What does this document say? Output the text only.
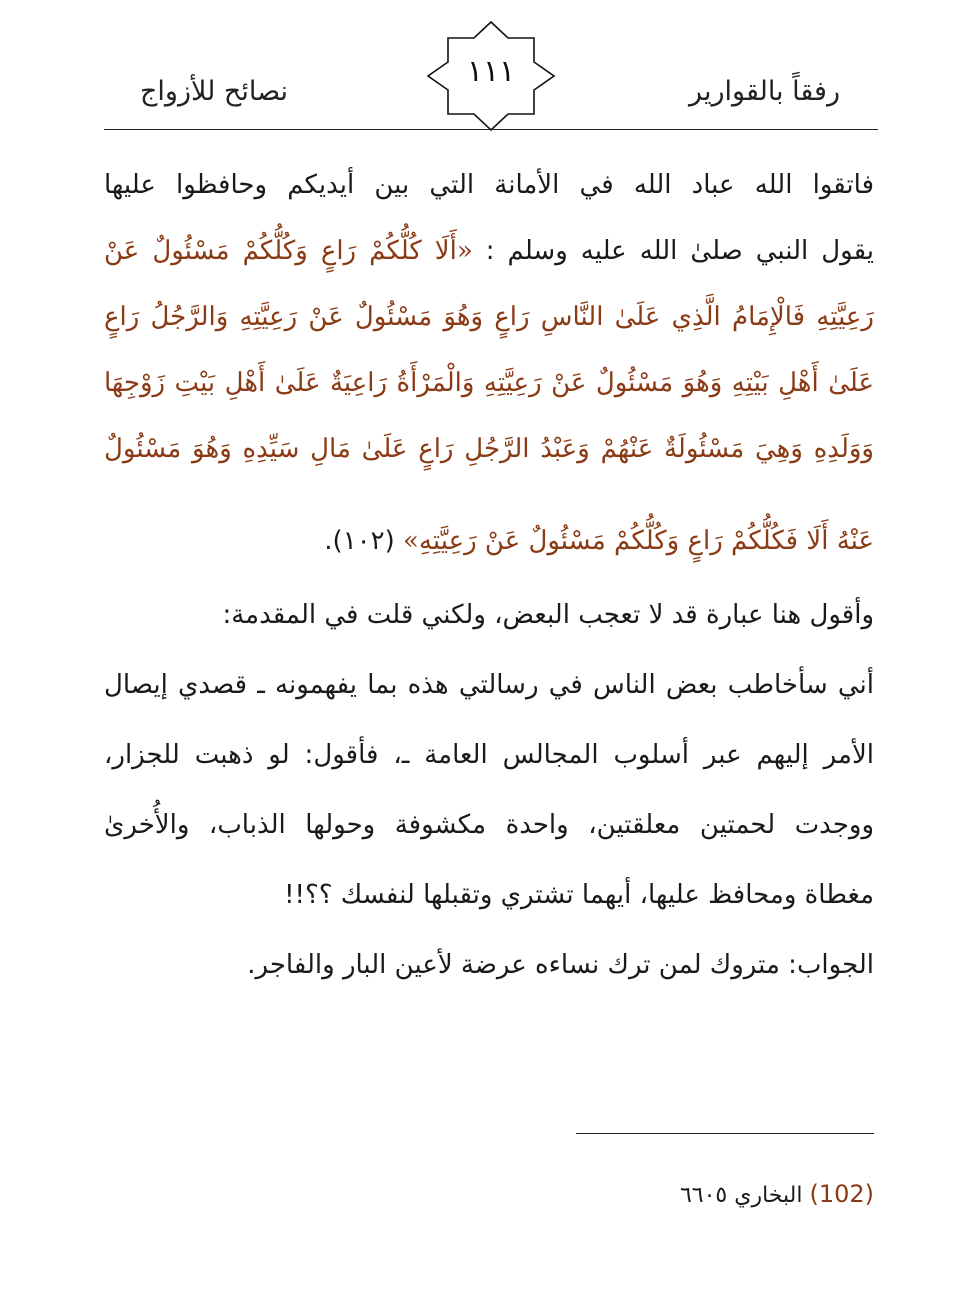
نصائح للأزواج	رفقاً بالقوارير
١١١
فاتقوا الله عباد الله في الأمانة التي بين أيديكم وحافظوا عليها
يقول النبي صلىٰ الله عليه وسلم : «أَلَا كُلُّكُمْ رَاعٍ وَكُلُّكُمْ مَسْئُولٌ عَنْ
رَعِيَّتِهِ فَالْإِمَامُ الَّذِي عَلَىٰ النَّاسِ رَاعٍ وَهُوَ مَسْئُولٌ عَنْ رَعِيَّتِهِ وَالرَّجُلُ رَاعٍ
عَلَىٰ أَهْلِ بَيْتِهِ وَهُوَ مَسْئُولٌ عَنْ رَعِيَّتِهِ وَالْمَرْأَةُ رَاعِيَةٌ عَلَىٰ أَهْلِ بَيْتِ زَوْجِهَا
وَوَلَدِهِ وَهِيَ مَسْئُولَةٌ عَنْهُمْ وَعَبْدُ الرَّجُلِ رَاعٍ عَلَىٰ مَالِ سَيِّدِهِ وَهُوَ مَسْئُولٌ
عَنْهُ أَلَا فَكُلُّكُمْ رَاعٍ وَكُلُّكُمْ مَسْئُولٌ عَنْ رَعِيَّتِهِ» (١٠٢).
وأقول هنا عبارة قد لا تعجب البعض، ولكني قلت في المقدمة:
أني سأخاطب بعض الناس في رسالتي هذه بما يفهمونه ـ قصدي إيصال
الأمر إليهم عبر أسلوب المجالس العامة ـ، فأقول: لو ذهبت للجزار،
ووجدت لحمتين معلقتين، واحدة مكشوفة وحولها الذباب، والأُخرىٰ
مغطاة ومحافظ عليها، أيهما تشتري وتقبلها لنفسك ؟؟!!
الجواب: متروك لمن ترك نساءه عرضة لأعين البار والفاجر.
(102) البخاري ٦٦٠٥
